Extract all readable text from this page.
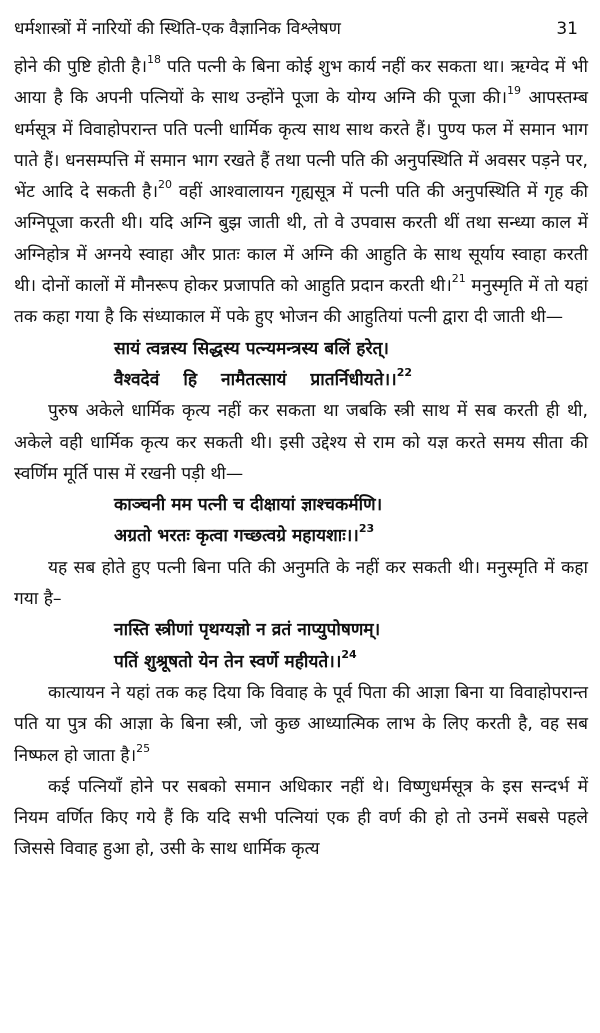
धर्मशास्त्रों में नारियों की स्थिति-एक वैज्ञानिक विश्लेषण	31

होने की पुष्टि होती है।$^{18}$ पति पत्नी के बिना कोई शुभ कार्य नहीं कर सकता था। ऋग्वेद में भी आया है कि अपनी पत्नियों के साथ उन्होंने पूजा के योग्य अग्नि की पूजा की।$^{19}$ आपस्तम्ब धर्मसूत्र में विवाहोपरान्त पति पत्नी धार्मिक कृत्य साथ साथ करते हैं। पुण्य फल में समान भाग पाते हैं। धनसम्पत्ति में समान भाग रखते हैं तथा पत्नी पति की अनुपस्थिति में अवसर पड़ने पर, भेंट आदि दे सकती है।$^{20}$ वहीं आश्वालायन गृह्यसूत्र में पत्नी पति की अनुपस्थिति में गृह की अग्निपूजा करती थी। यदि अग्नि बुझ जाती थी, तो वे उपवास करती थीं तथा सन्ध्या काल में अग्निहोत्र में अग्नये स्वाहा और प्रातः काल में अग्नि की आहुति के साथ सूर्याय स्वाहा करती थी। दोनों कालों में मौनरूप होकर प्रजापति को आहुति प्रदान करती थी।$^{21}$ मनुस्मृति में तो यहां तक कहा गया है कि संध्याकाल में पके हुए भोजन की आहुतियां पत्नी द्वारा दी जाती थी—

सायं त्वन्नस्य सिद्धस्य पत्न्यमन्त्रस्य बलिं हरेत्।

वैश्वदेवं हि नामैतत्सायं प्रातर्निधीयते।।$^{22}$

पुरुष अकेले धार्मिक कृत्य नहीं कर सकता था जबकि स्त्री साथ में सब करती ही थी, अकेले वही धार्मिक कृत्य कर सकती थी। इसी उद्देश्य से राम को यज्ञ करते समय सीता की स्वर्णिम मूर्ति पास में रखनी पड़ी थी—

काञ्चनी मम पत्नी च दीक्षायां ज्ञाश्चकर्मणि।

अग्रतो भरतः कृत्वा गच्छत्वग्रे महायशाः।।$^{23}$

यह सब होते हुए पत्नी बिना पति की अनुमति के नहीं कर सकती थी। मनुस्मृति में कहा गया है–

नास्ति स्त्रीणां पृथग्यज्ञो न व्रतं नाप्युपोषणम्।

पतिं शुश्रूषतो येन तेन स्वर्णे महीयते।।$^{24}$

कात्यायन ने यहां तक कह दिया कि विवाह के पूर्व पिता की आज्ञा बिना या विवाहोपरान्त पति या पुत्र की आज्ञा के बिना स्त्री, जो कुछ आध्यात्मिक लाभ के लिए करती है, वह सब निष्फल हो जाता है।$^{25}$

कई पत्नियाँ होने पर सबको समान अधिकार नहीं थे। विष्णुधर्मसूत्र के इस सन्दर्भ में नियम वर्णित किए गये हैं कि यदि सभी पत्नियां एक ही वर्ण की हो तो उनमें सबसे पहले जिससे विवाह हुआ हो, उसी के साथ धार्मिक कृत्य
